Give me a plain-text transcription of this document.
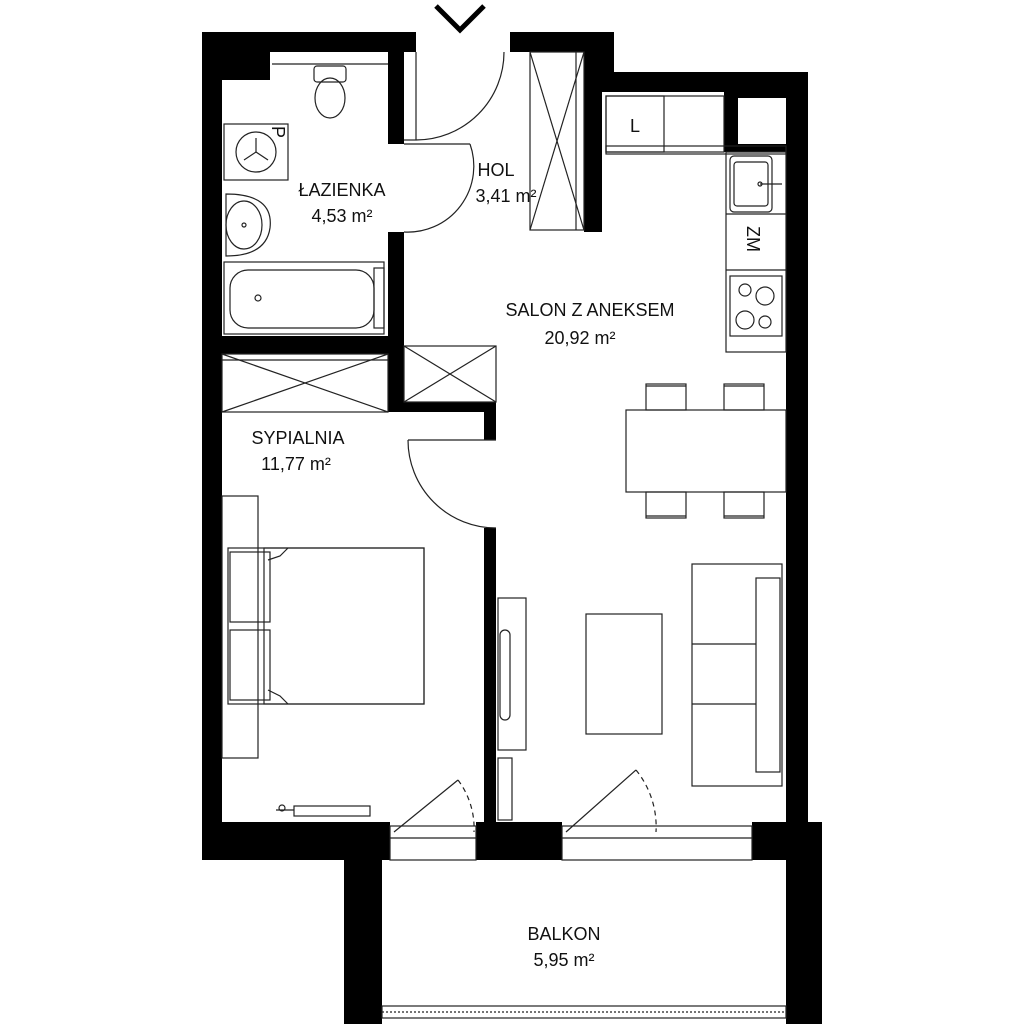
P	L
ZM
ŁAZIENKA
4,53 m²
HOL
3,41 m²
SALON Z ANEKSEM
20,92 m²
SYPIALNIA
11,77 m²
BALKON
5,95 m²
